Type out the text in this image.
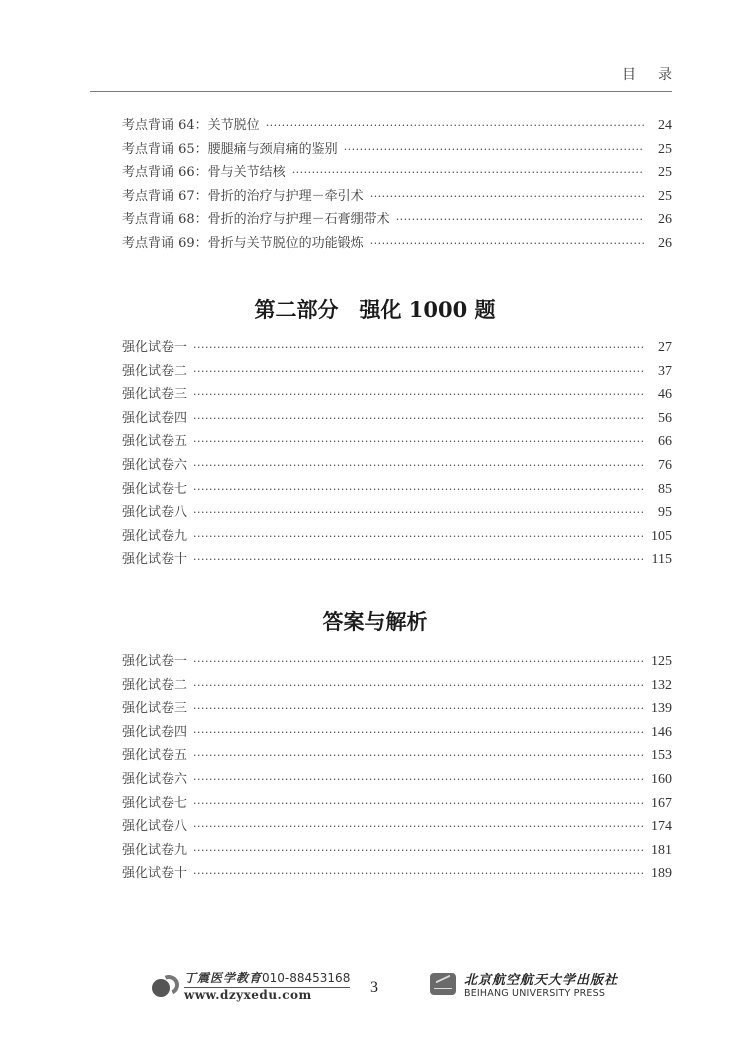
目录
考点背诵 64：关节脱位 ·····	24
考点背诵 65：腰腿痛与颈肩痛的鉴别 ·····	25
考点背诵 66：骨与关节结核 ·····	25
考点背诵 67：骨折的治疗与护理－牵引术 ·····	25
考点背诵 68：骨折的治疗与护理－石膏绷带术 ·····	26
考点背诵 69：骨折与关节脱位的功能锻炼 ·····	26
第二部分　强化 1000 题
强化试卷一 ·····	27
强化试卷二 ·····	37
强化试卷三 ·····	46
强化试卷四 ·····	56
强化试卷五 ·····	66
强化试卷六 ·····	76
强化试卷七 ·····	85
强化试卷八 ·····	95
强化试卷九 ·····	105
强化试卷十 ·····	115
答案与解析
强化试卷一 ·····	125
强化试卷二 ·····	132
强化试卷三 ·····	139
强化试卷四 ·····	146
强化试卷五 ·····	153
强化试卷六 ·····	160
强化试卷七 ·····	167
强化试卷八 ·····	174
强化试卷九 ·····	181
强化试卷十 ·····	189
丁震医学教育010-88453168
www.dzyxedu.com	3	北京航空航天大学出版社
BEIHANG UNIVERSITY PRESS
